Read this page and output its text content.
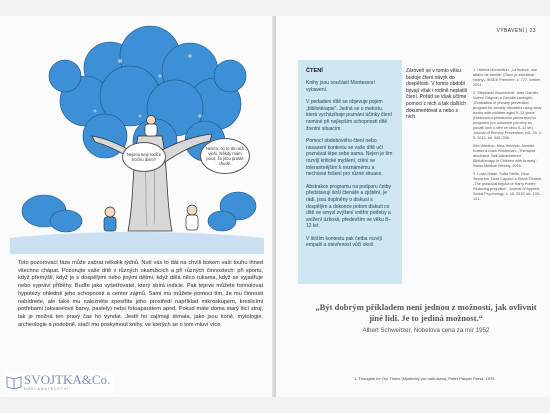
Nejsou tvoji rodiče trochu divní?
Nevím, co to do nich vjelo. Někdy mám pocit, že jsou prostě chudé.
Toto pozorovací fáze může zabrat několik týdnů. Nutí vás to dát na chvíli bokem vaši touhu ihned všechno chápat. Pozorujte vaše dítě v různých okamžicích a při různých činnostech: při sportu, když přemýšlí, když je s dospělými nebo jinými dětmi, když dělá něco rukama, když se vyjadřuje nebo vypráví příběhy. Buďte jako vyšetřovatel, který sbírá indicie. Pak teprve můžete formulovat hypotézy ohledně jeho schopností a center zájmů. Sami mu můžete pomoci tím, že mu činnosti nabídnete, ale také mu nalezněte zpestřite jeho prostředí například mikroskupem, kreslicími potřebami (akvarelové barvy, pastely) nebo fotoaparátem apod. Pokud máte doma starý šicí stroj, tak je možná ten pravý čas ho vyndat. Jestli ho zajímají témata, jako jsou koně, mytologie, archeologie a podobně, stačí mu poskytnout knihy, ve kterých se o tom mluví více.
VYBAVENÍ | 23
ČTENÍ

Knihy jsou součástí Montessori vybavení.

V pedadeni dítě se objevuje pojem „bibliotérapie“. Jedná se o metodu, která vycházíhaje poznání účinky čtení nominé při nejlepším schopnosti dítě životní situacím.

Pomocí obdobového čtení nebo nasazení kontextu se vaše dítě učí poznávat lépe sebe sama. Nejen je tím rozvíjí kritické myšlení, ctění se tolerantnějším k neznámému a nechávat řešení pro různé situace.

Abstrakce programu na podporu četby představují širší čtenáře a zjištění, je rádi, jsou doplněny o diskusi s dospělým a dokonce potom diskuti co dítě ve smysl zvýšení vnitřní potřeby a snížení úzkosti, především ve věku 8–12 let.

V širším kontextu pak četba rozvíjí empatii a otevřenost vůči okolí.

Zároveň se v tomto věku budoje čtení návyk do dospělosti. V tomto období bývají však i rodině neplatili čtení. Pořád se však učíme pomoci z nich a tak dalších dokumentovat a nebo s nich.

1. Héléna Montmillon, „La lecture, une affaire de famille“ (Čtení je záležitost rodiny), INSEE Première, č. 777, květen 2001.

2. Stéphanie Bourchardt, Jean Garnier, Noémi Gagnon a Claudia Lavingier, „Evaluation of primary prevention program for anxiety disorders using story books with children aged 9–12 years“ (Hodnocení primárního preventivního programu pro úzkostné poruchy za použití knih u dětí ve věku 9–12 let), Journal of Primary Prevention, roč. 34, č. 5, 2013, str. 345–358.

Kim Waldrop, Nina Heinrich, Annette Kutner a Mark Pinkleman, „Therapist disclosed, Self-Administered Bibliotherapy in Children with Anxiety“, Swiss Medical Weekly, 2018.

3. Lovie Natali, Scilla Stella, Dina Sincerino, Dora Capano a Elena Triolaro, „The prosocial impact of Harry Potter: Reducing prejudice“, Journal of Applied Social Psychology, č. 45, 2015, str. 105–121.

„Být dobrým příkladem není jednou z možností, jak ovlivnit jiné lidi. Je to jediná možnost.“
Albert Schweitzer, Nobelova cena za mír 1952
1. Thoughts for Our Times (Myšlenky pro naši dobu), Peter Pauper Press, 1975.
SVOJTKA&Co.
NAKLADATELSTVÍ
